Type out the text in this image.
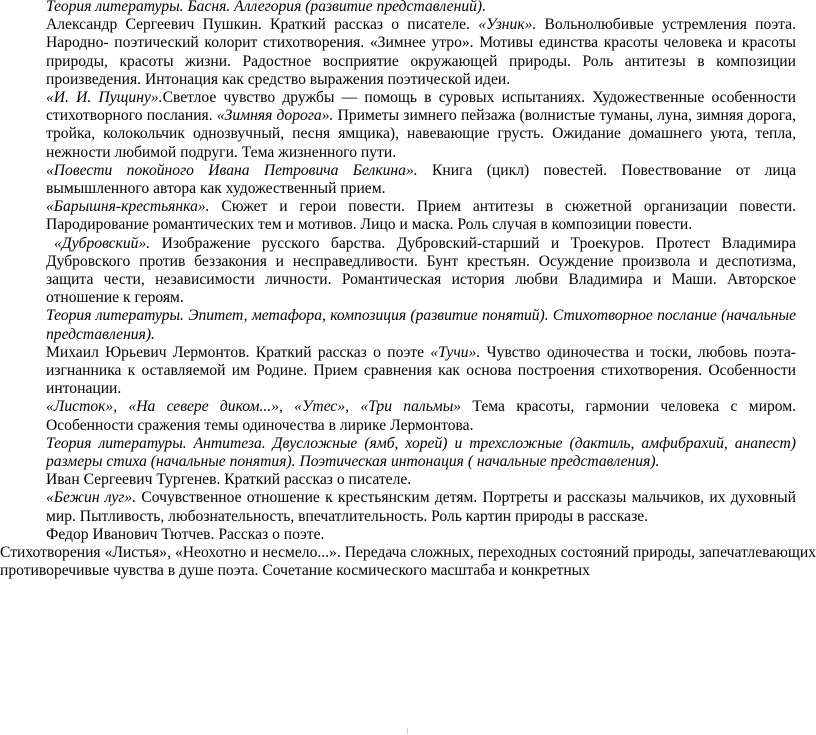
Теория литературы. Басня. Аллегория (развитие представлений).

Александр Сергеевич Пушкин. Краткий рассказ о писателе. «Узник». Вольнолюбивые устремления поэта. Народно- поэтический колорит стихотворения. «Зимнее утро». Мотивы единства красоты человека и красоты природы, красоты жизни. Радостное восприятие окружающей природы. Роль антитезы в композиции произведения. Интонация как средство выражения поэтической идеи.

«И. И. Пущину».Светлое чувство дружбы — помощь в суровых испытаниях. Художественные особенности стихотворного послания. «Зимняя дорога». Приметы зимнего пейзажа (волнистые туманы, луна, зимняя дорога, тройка, колокольчик однозвучный, песня ямщика), навевающие грусть. Ожидание домашнего уюта, тепла, нежности любимой подруги. Тема жизненного пути.

«Повести покойного Ивана Петровича Белкина». Книга (цикл) повестей. Повествование от лица вымышленного автора как художественный прием.

«Барышня-крестьянка». Сюжет и герои повести. Прием антитезы в сюжетной организации повести. Пародирование романтических тем и мотивов. Лицо и маска. Роль случая в композиции повести.

«Дубровский». Изображение русского барства. Дубровский-старший и Троекуров. Протест Владимира Дубровского против беззакония и несправедливости. Бунт крестьян. Осуждение произвола и деспотизма, защита чести, независимости личности. Романтическая история любви Владимира и Маши. Авторское отношение к героям.

Теория литературы. Эпитет, метафора, композиция (развитие понятий). Стихотворное послание (начальные представления).

Михаил Юрьевич Лермонтов. Краткий рассказ о поэте «Тучи». Чувство одиночества и тоски, любовь поэта-изгнанника к оставляемой им Родине. Прием сравнения как основа построения стихотворения. Особенности интонации.

«Листок», «На севере диком...», «Утес», «Три пальмы» Тема красоты, гармонии человека с миром. Особенности сражения темы одиночества в лирике Лермонтова.

Теория литературы. Антитеза. Двусложные (ямб, хорей) и трехсложные (дактиль, амфибрахий, анапест) размеры стиха (начальные понятия). Поэтическая интонация ( начальные представления).

Иван Сергеевич Тургенев. Краткий рассказ о писателе.

«Бежин луг». Сочувственное отношение к крестьянским детям. Портреты и рассказы мальчиков, их духовный мир. Пытливость, любознательность, впечатлительность. Роль картин природы в рассказе.

Федор Иванович Тютчев. Рассказ о поэте.

Стихотворения «Листья», «Неохотно и несмело...». Передача сложных, переходных состояний природы, запечатлевающих противоречивые чувства в душе поэта. Сочетание космического масштаба и конкретных
